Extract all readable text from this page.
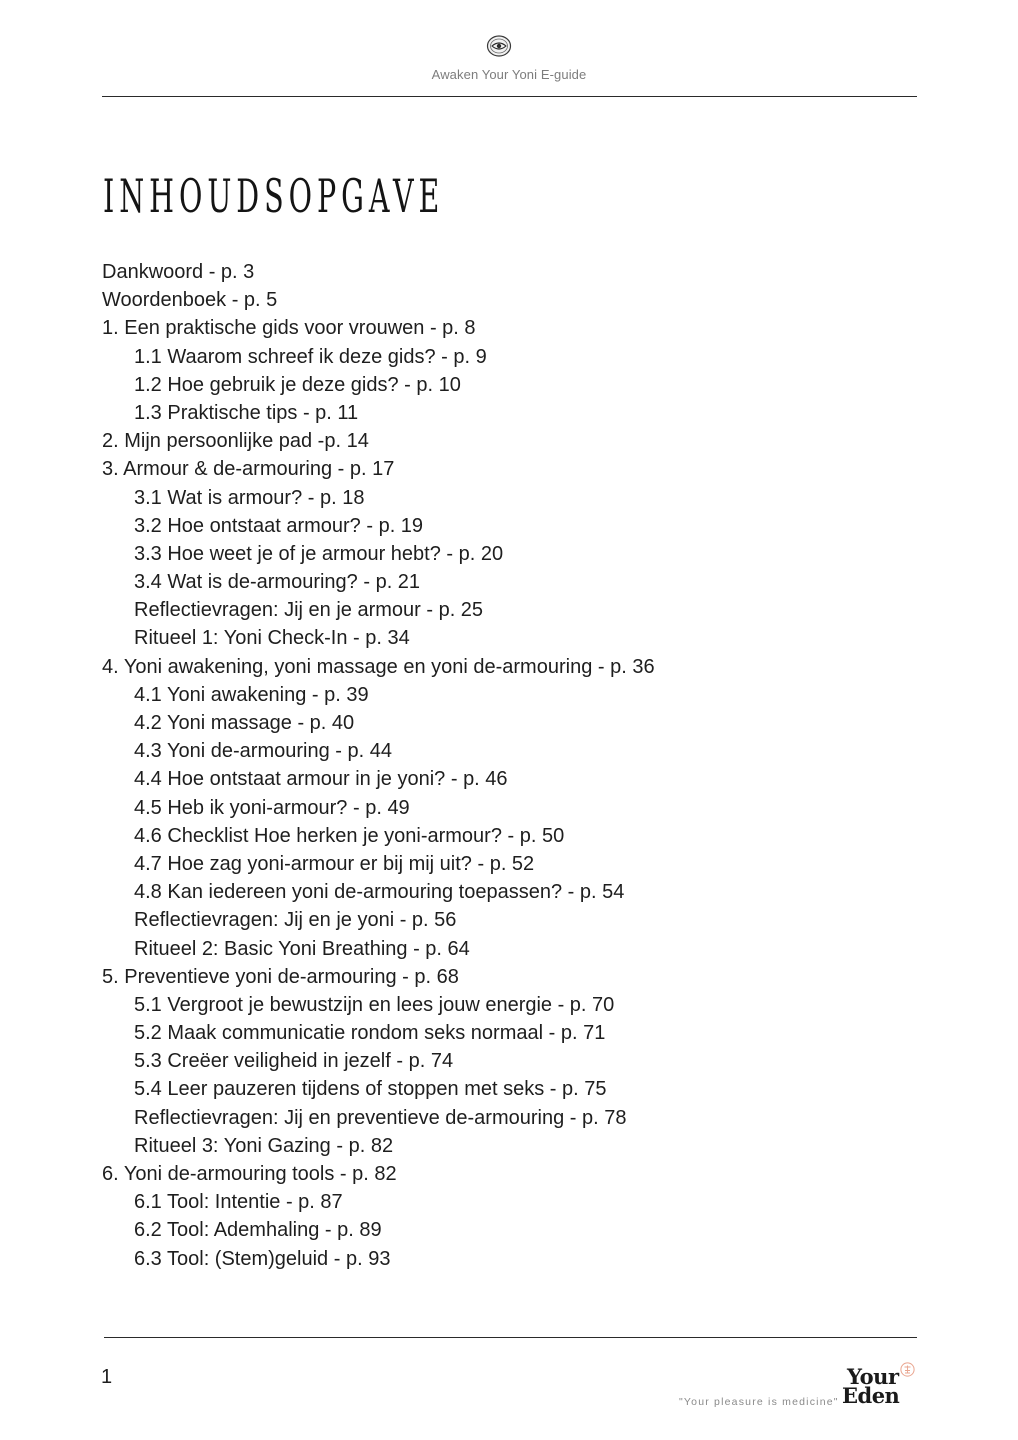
Awaken Your Yoni E-guide
INHOUDSOPGAVE
Dankwoord - p. 3
Woordenboek - p. 5
1. Een praktische gids voor vrouwen - p. 8
1.1 Waarom schreef ik deze gids? - p. 9
1.2 Hoe gebruik je deze gids? - p. 10
1.3 Praktische tips - p. 11
2. Mijn persoonlijke pad -p. 14
3. Armour & de-armouring - p. 17
3.1 Wat is armour? - p. 18
3.2 Hoe ontstaat armour? - p. 19
3.3 Hoe weet je of je armour hebt? - p. 20
3.4 Wat is de-armouring? - p. 21
Reflectievragen: Jij en je armour - p. 25
Ritueel 1: Yoni Check-In - p. 34
4. Yoni awakening, yoni massage en yoni de-armouring - p. 36
4.1 Yoni awakening - p. 39
4.2 Yoni massage - p. 40
4.3 Yoni de-armouring - p. 44
4.4 Hoe ontstaat armour in je yoni? - p. 46
4.5 Heb ik yoni-armour? - p. 49
4.6 Checklist Hoe herken je yoni-armour? - p. 50
4.7 Hoe zag yoni-armour er bij mij uit? - p. 52
4.8 Kan iedereen yoni de-armouring toepassen? - p. 54
Reflectievragen: Jij en je yoni - p. 56
Ritueel 2: Basic Yoni Breathing - p. 64
5. Preventieve yoni de-armouring - p. 68
5.1 Vergroot je bewustzijn en lees jouw energie - p. 70
5.2 Maak communicatie rondom seks normaal - p. 71
5.3 Creëer veiligheid in jezelf - p. 74
5.4 Leer pauzeren tijdens of stoppen met seks - p. 75
Reflectievragen: Jij en preventieve de-armouring - p. 78
Ritueel 3: Yoni Gazing - p. 82
6. Yoni de-armouring tools - p. 82
6.1 Tool: Intentie - p. 87
6.2 Tool: Ademhaling - p. 89
6.3 Tool: (Stem)geluid - p. 93
1
"Your pleasure is medicine"
Your
Eden
